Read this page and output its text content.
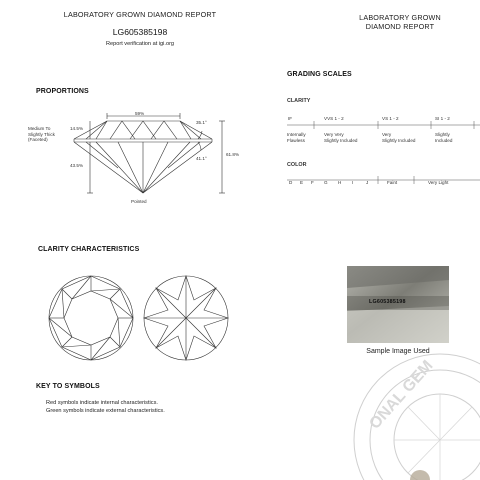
LABORATORY GROWN DIAMOND REPORT
LG605385198
Report verification at igi.org
LABORATORY GROWN
DIAMOND REPORT
PROPORTIONS
Medium To
Slightly Thick
(Faceted)
59%
14.5%
35.1°
43.5%
41.1°
61.8%
Pointed
GRADING SCALES
CLARITY
IF
Internally
Flawless
VVS 1 - 2
Very Very
Slightly Included
VS 1 - 2
Very
Slightly Included
SI 1 - 2
Slightly
Included
COLOR
D E F G H I	J	Faint	Very Light
CLARITY CHARACTERISTICS
LG605385198
Sample Image Used
KEY TO SYMBOLS
Red symbols indicate internal characteristics.
Green symbols indicate external characteristics.	ONAL GEM
